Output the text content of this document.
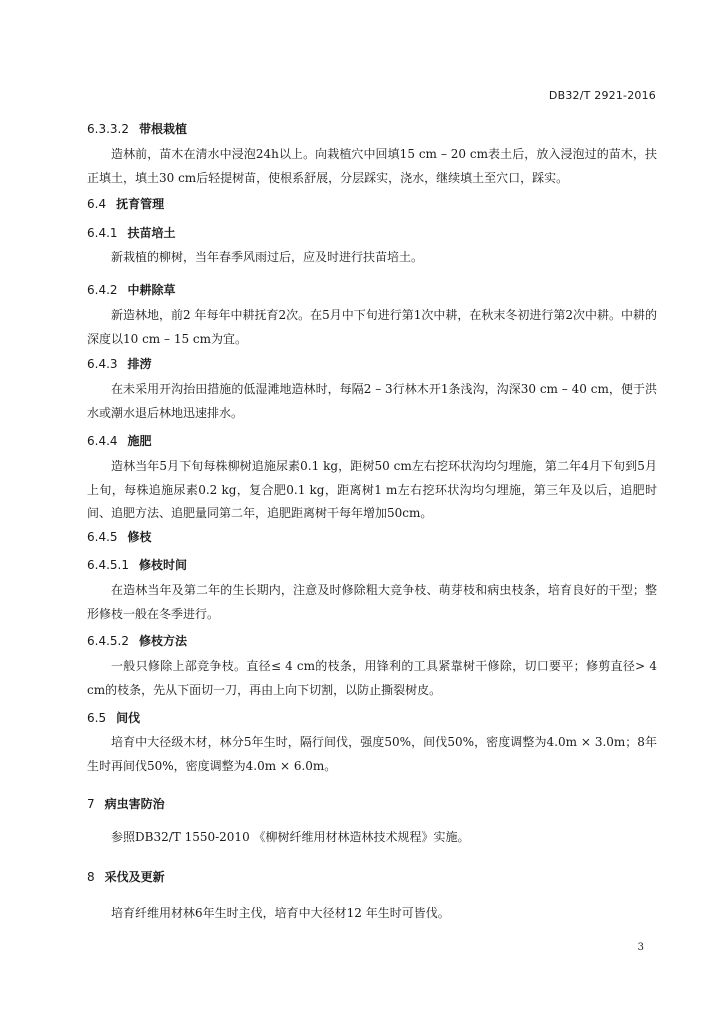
DB32/T 2921-2016
6.3.3.2 带根栽植

造林前，苗木在清水中浸泡24h以上。向栽植穴中回填15 cm – 20 cm表土后，放入浸泡过的苗木，扶正填土，填土30 cm后轻提树苗，使根系舒展，分层踩实，浇水，继续填土至穴口，踩实。

6.4 抚育管理
6.4.1 扶苗培土

新栽植的柳树，当年春季风雨过后，应及时进行扶苗培土。

6.4.2 中耕除草

新造林地，前2 年每年中耕抚育2次。在5月中下旬进行第1次中耕，在秋末冬初进行第2次中耕。中耕的深度以10 cm – 15 cm为宜。

6.4.3 排涝

在未采用开沟抬田措施的低湿滩地造林时，每隔2 – 3行林木开1条浅沟，沟深30 cm – 40 cm，便于洪水或潮水退后林地迅速排水。

6.4.4 施肥

造林当年5月下旬每株柳树追施尿素0.1 kg，距树50 cm左右挖环状沟均匀埋施，第二年4月下旬到5月上旬，每株追施尿素0.2 kg，复合肥0.1 kg，距离树1 m左右挖环状沟均匀埋施，第三年及以后，追肥时间、追肥方法、追肥量同第二年，追肥距离树干每年增加50cm。

6.4.5 修枝
6.4.5.1 修枝时间

在造林当年及第二年的生长期内，注意及时修除粗大竞争枝、萌芽枝和病虫枝条，培育良好的干型；整形修枝一般在冬季进行。

6.4.5.2 修枝方法

一般只修除上部竞争枝。直径≤ 4 cm的枝条，用锋利的工具紧靠树干修除，切口要平；修剪直径> 4 cm的枝条，先从下面切一刀，再由上向下切割，以防止撕裂树皮。

6.5 间伐

培育中大径级木材，林分5年生时，隔行间伐，强度50%，间伐50%，密度调整为4.0m × 3.0m；8年生时再间伐50%，密度调整为4.0m × 6.0m。

7 病虫害防治

参照DB32/T 1550-2010 《柳树纤维用材林造林技术规程》实施。

8 采伐及更新

培育纤维用材林6年生时主伐，培育中大径材12 年生时可皆伐。

3
